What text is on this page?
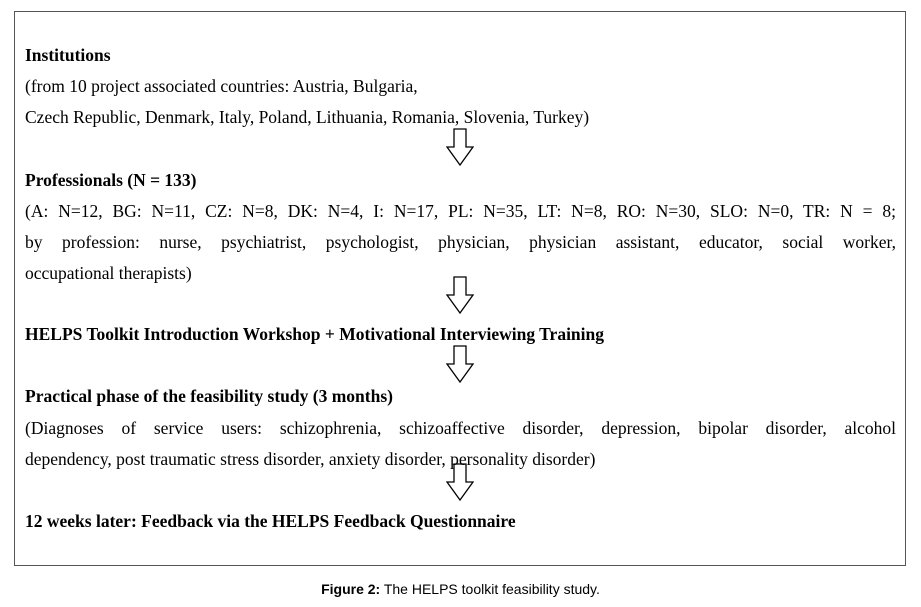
Institutions
(from 10 project associated countries: Austria, Bulgaria,
Czech Republic, Denmark, Italy, Poland, Lithuania, Romania, Slovenia, Turkey)
Professionals (N = 133)
(A: N=12, BG: N=11, CZ: N=8, DK: N=4, I: N=17, PL: N=35, LT: N=8, RO: N=30, SLO: N=0, TR: N = 8;
by profession: nurse, psychiatrist, psychologist, physician, physician assistant, educator, social worker,
occupational therapists)
HELPS Toolkit Introduction Workshop + Motivational Interviewing Training
Practical phase of the feasibility study (3 months)
(Diagnoses of service users: schizophrenia, schizoaffective disorder, depression, bipolar disorder, alcohol
dependency, post traumatic stress disorder, anxiety disorder, personality disorder)
12 weeks later: Feedback via the HELPS Feedback Questionnaire
Figure 2: The HELPS toolkit feasibility study.
